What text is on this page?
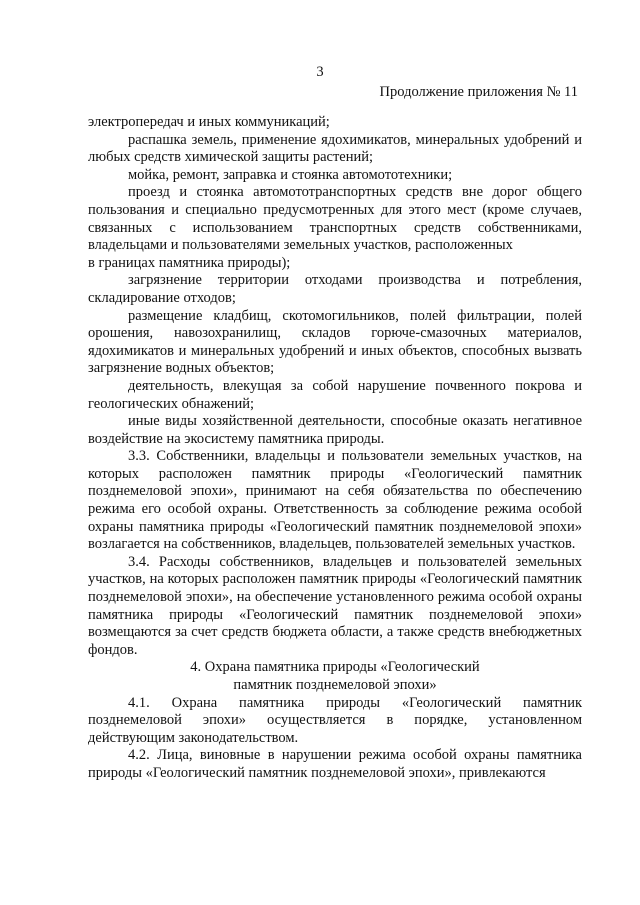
3
Продолжение приложения № 11

электропередач и иных коммуникаций;

распашка земель, применение ядохимикатов, минеральных удобрений и любых средств химической защиты растений;

мойка, ремонт, заправка и стоянка автомототехники;

проезд и стоянка автомототранспортных средств вне дорог общего пользования и специально предусмотренных для этого мест (кроме случаев, связанных с использованием транспортных средств собственниками, владельцами и пользователями земельных участков, расположенных

в границах памятника природы);

загрязнение территории отходами производства и потребления, складирование отходов;

размещение кладбищ, скотомогильников, полей фильтрации, полей орошения, навозохранилищ, складов горюче-смазочных материалов, ядохимикатов и минеральных удобрений и иных объектов, способных вызвать загрязнение водных объектов;

деятельность, влекущая за собой нарушение почвенного покрова и геологических обнажений;

иные виды хозяйственной деятельности, способные оказать негативное воздействие на экосистему памятника природы.

3.3. Собственники, владельцы и пользователи земельных участков, на которых расположен памятник природы «Геологический памятник позднемеловой эпохи», принимают на себя обязательства по обеспечению режима его особой охраны. Ответственность за соблюдение режима особой охраны памятника природы «Геологический памятник позднемеловой эпохи» возлагается на собственников, владельцев, пользователей земельных участков.

3.4. Расходы собственников, владельцев и пользователей земельных участков, на которых расположен памятник природы «Геологический памятник позднемеловой эпохи», на обеспечение установленного режима особой охраны памятника природы «Геологический памятник позднемеловой эпохи» возмещаются за счет средств бюджета области, а также средств внебюджетных фондов.

4. Охрана памятника природы «Геологический
памятник позднемеловой эпохи»

4.1. Охрана памятника природы «Геологический памятник позднемеловой эпохи» осуществляется в порядке, установленном действующим законодательством.

4.2. Лица, виновные в нарушении режима особой охраны памятника природы «Геологический памятник позднемеловой эпохи», привлекаются
